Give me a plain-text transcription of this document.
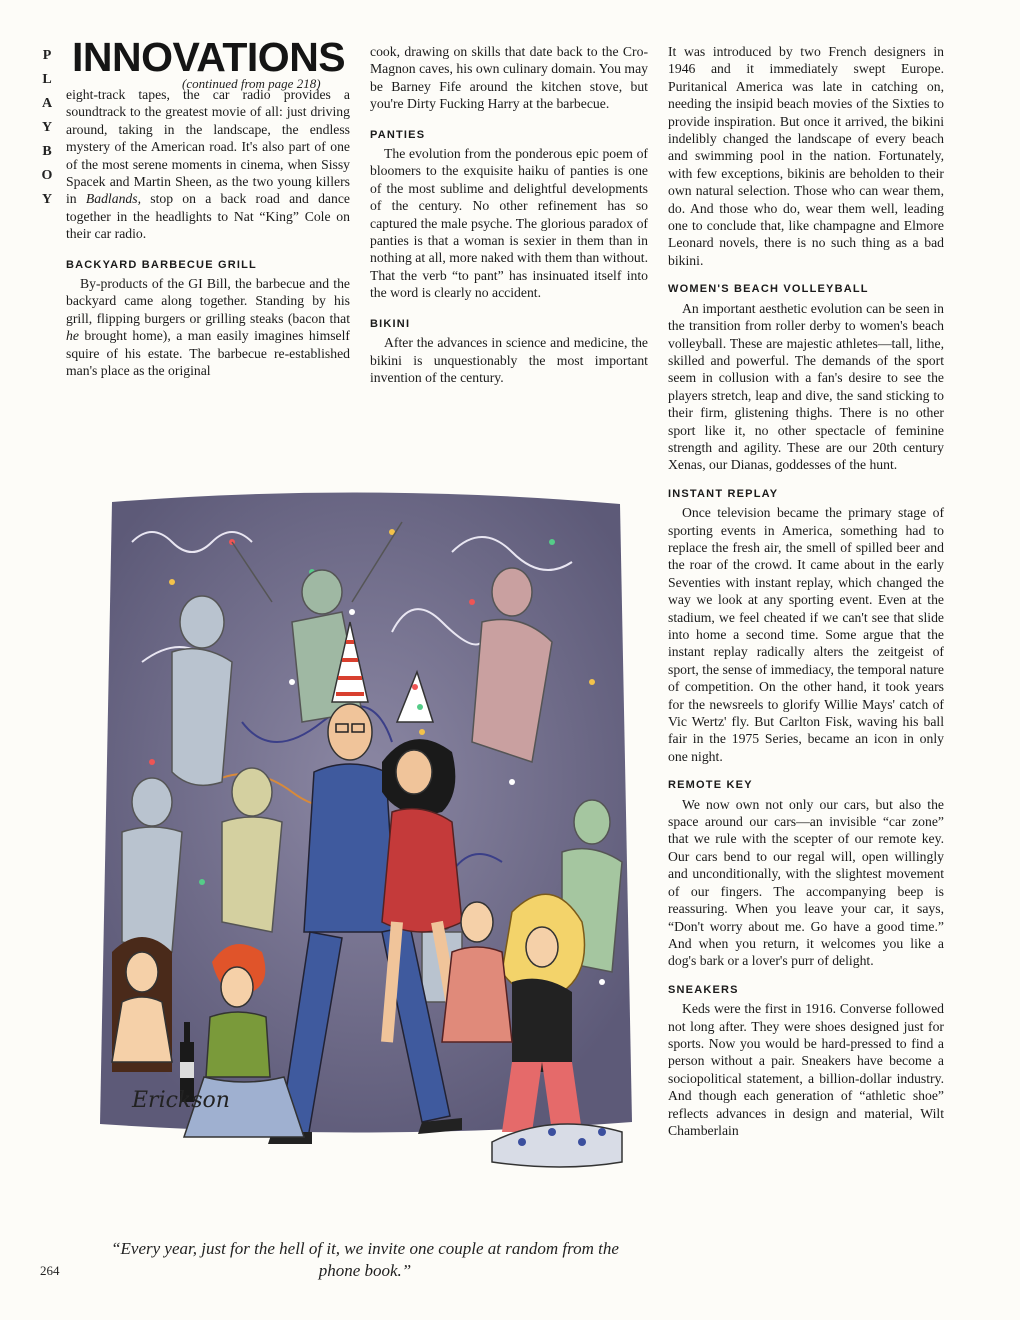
P
L
A
Y
B
O
Y
INNOVATIONS
(continued from page 218)

eight-track tapes, the car radio provides a soundtrack to the greatest movie of all: just driving around, taking in the landscape, the endless mystery of the American road. It's also part of one of the most serene moments in cinema, when Sissy Spacek and Martin Sheen, as the two young killers in Badlands, stop on a back road and dance together in the headlights to Nat “King” Cole on their car radio.

BACKYARD BARBECUE GRILL

By-products of the GI Bill, the barbecue and the backyard came along together. Standing by his grill, flipping burgers or grilling steaks (bacon that he brought home), a man easily imagines himself squire of his estate. The barbecue re-established man's place as the original

cook, drawing on skills that date back to the Cro-Magnon caves, his own culinary domain. You may be Barney Fife around the kitchen stove, but you're Dirty Fucking Harry at the barbecue.

PANTIES

The evolution from the ponderous epic poem of bloomers to the exquisite haiku of panties is one of the most sublime and delightful developments of the century. No other refinement has so captured the male psyche. The glorious paradox of panties is that a woman is sexier in them than in nothing at all, more naked with them than without. That the verb “to pant” has insinuated itself into the word is clearly no accident.

BIKINI

After the advances in science and medicine, the bikini is unquestionably the most important invention of the century.

It was introduced by two French designers in 1946 and it immediately swept Europe. Puritanical America was late in catching on, needing the insipid beach movies of the Sixties to provide inspiration. But once it arrived, the bikini indelibly changed the landscape of every beach and swimming pool in the nation. Fortunately, with few exceptions, bikinis are beholden to their own natural selection. Those who can wear them, do. And those who do, wear them well, leading one to conclude that, like champagne and Elmore Leonard novels, there is no such thing as a bad bikini.

WOMEN'S BEACH VOLLEYBALL

An important aesthetic evolution can be seen in the transition from roller derby to women's beach volleyball. These are majestic athletes—tall, lithe, skilled and powerful. The demands of the sport seem in collusion with a fan's desire to see the players stretch, leap and dive, the sand sticking to their firm, glistening thighs. There is no other sport like it, no other spectacle of feminine strength and agility. These are our 20th century Xenas, our Dianas, goddesses of the hunt.

INSTANT REPLAY

Once television became the primary stage of sporting events in America, something had to replace the fresh air, the smell of spilled beer and the roar of the crowd. It came about in the early Seventies with instant replay, which changed the way we look at any sporting event. Even at the stadium, we feel cheated if we can't see that slide into home a second time. Some argue that the instant replay radically alters the zeitgeist of sport, the sense of immediacy, the temporal nature of competition. On the other hand, it took years for the newsreels to glorify Willie Mays' catch of Vic Wertz' fly. But Carlton Fisk, waving his ball fair in the 1975 Series, became an icon in only one night.

REMOTE KEY

We now own not only our cars, but also the space around our cars—an invisible “car zone” that we rule with the scepter of our remote key. Our cars bend to our regal will, open willingly and unconditionally, with the slightest movement of our fingers. The accompanying beep is reassuring. When you leave your car, it says, “Don't worry about me. Go have a good time.” And when you return, it welcomes you like a dog's bark or a lover's purr of delight.

SNEAKERS

Keds were the first in 1916. Converse followed not long after. They were shoes designed just for sports. Now you would be hard-pressed to find a person without a pair. Sneakers have become a sociopolitical statement, a billion-dollar industry. And though each generation of “athletic shoe” reflects advances in design and material, Wilt Chamberlain

Erickson
“Every year, just for the hell of it, we invite one couple at random from the phone book.”
264
